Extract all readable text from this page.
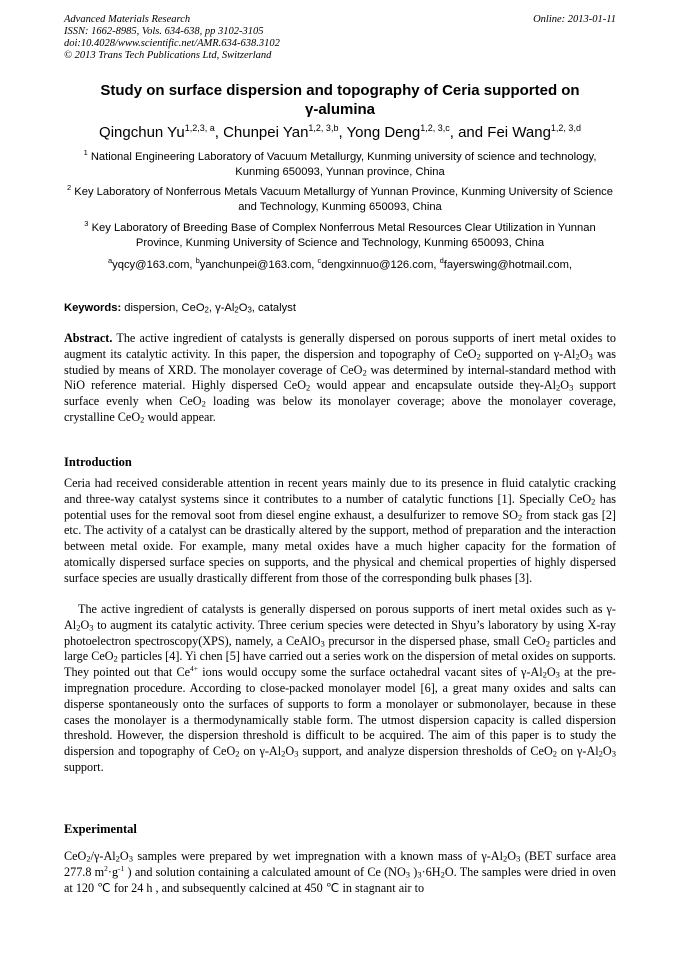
Advanced Materials Research
ISSN: 1662-8985, Vols. 634-638, pp 3102-3105
doi:10.4028/www.scientific.net/AMR.634-638.3102
© 2013 Trans Tech Publications Ltd, Switzerland
Online: 2013-01-11
Study on surface dispersion and topography of Ceria supported on
γ-alumina
Qingchun Yu$^{1,2,3, a}$, Chunpei Yan$^{1,2, 3,b}$, Yong Deng$^{1,2, 3,c}$, and Fei Wang$^{1,2, 3,d}$
$^1$ National Engineering Laboratory of Vacuum Metallurgy, Kunming university of science and technology, Kunming 650093, Yunnan province, China
$^2$ Key Laboratory of Nonferrous Metals Vacuum Metallurgy of Yunnan Province, Kunming University of Science and Technology, Kunming 650093, China
$^3$ Key Laboratory of Breeding Base of Complex Nonferrous Metal Resources Clear Utilization in Yunnan Province, Kunming University of Science and Technology, Kunming 650093, China
$^a$yqcy@163.com, $^b$yanchunpei@163.com, $^c$dengxinnuo@126.com, $^d$fayerswing@hotmail.com,
Keywords: dispersion, CeO$_2$, $\gamma-Al_2O_3$, catalyst
Abstract. The active ingredient of catalysts is generally dispersed on porous supports of inert metal oxides to augment its catalytic activity. In this paper, the dispersion and topography of CeO$_2$ supported on $\gamma-Al_2O_3$ was studied by means of XRD. The monolayer coverage of CeO$_2$ was determined by internal-standard method with NiO reference material. Highly dispersed CeO$_2$ would appear and encapsulate outside theγ-$Al_2O_3$ support surface evenly when CeO$_2$ loading was below its monolayer coverage; above the monolayer coverage, crystalline CeO$_2$ would appear.
Introduction
Ceria had received considerable attention in recent years mainly due to its presence in fluid catalytic cracking and three-way catalyst systems since it contributes to a number of catalytic functions [1]. Specially CeO$_2$ has potential uses for the removal soot from diesel engine exhaust, a desulfurizer to remove $SO_2$ from stack gas [2] etc. The activity of a catalyst can be drastically altered by the support, method of preparation and the interaction between metal oxide. For example, many metal oxides have a much higher capacity for the formation of atomically dispersed surface species on supports, and the physical and chemical properties of highly dispersed surface species are usually drastically different from those of the corresponding bulk phases [3].
The active ingredient of catalysts is generally dispersed on porous supports of inert metal oxides such as $\gamma-Al_2O_3$ to augment its catalytic activity. Three cerium species were detected in Shyu’s laboratory by using X-ray photoelectron spectroscopy(XPS), namely, a CeAlO$_3$ precursor in the dispersed phase, small CeO$_2$ particles and large CeO$_2$ particles [4]. Yi chen [5] have carried out a series work on the dispersion of metal oxides on supports. They pointed out that $Ce^{4+}$ ions would occupy some the surface octahedral vacant sites of $\gamma-Al_2O_3$ at the pre-impregnation procedure. According to close-packed monolayer model [6], a great many oxides and salts can disperse spontaneously onto the surfaces of supports to form a monolayer or submonolayer, because in these cases the monolayer is a thermodynamically stable form. The utmost dispersion capacity is called dispersion threshold. However, the dispersion threshold is difficult to be acquired. The aim of this paper is to study the dispersion and topography of CeO$_2$ on $\gamma-Al_2O_3$ support, and analyze dispersion thresholds of CeO$_2$ on $\gamma-Al_2O_3$ support.
Experimental
$CeO_2/\gamma-Al_2O_3$ samples were prepared by wet impregnation with a known mass of $\gamma-Al_2O_3$ (BET surface area 277.8 $m^2\cdot g^{-1}$ ) and solution containing a calculated amount of Ce ($NO_3$ )$_3\cdot 6H_2O$. The samples were dried in oven at 120 ℃ for 24 h , and subsequently calcined at 450 ℃ in stagnant air to
